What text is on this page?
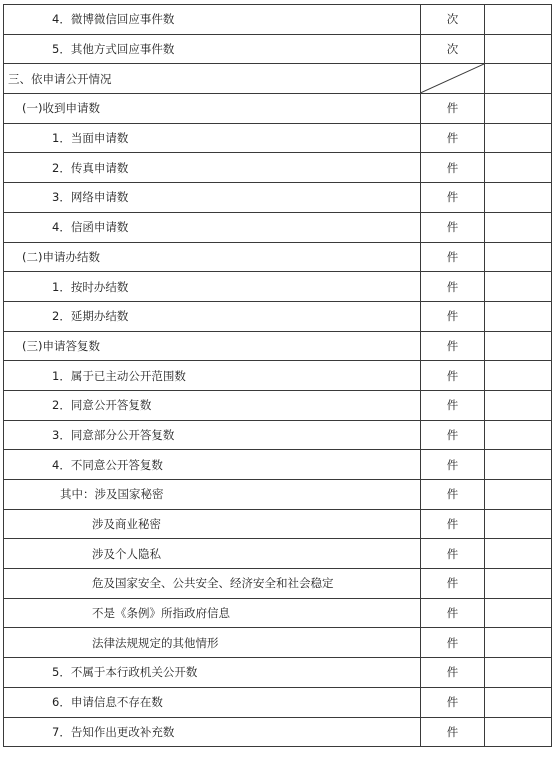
4．微博微信回应事件数	次	
5．其他方式回应事件数	次	
三、依申请公开情况	

(一)收到申请数	件	
1．当面申请数	件	
2．传真申请数	件	
3．网络申请数	件	
4．信函申请数	件	
(二)申请办结数	件	
1．按时办结数	件	
2．延期办结数	件	
(三)申请答复数	件	
1．属于已主动公开范围数	件	
2．同意公开答复数	件	
3．同意部分公开答复数	件	
4．不同意公开答复数	件	
其中：涉及国家秘密	件	
涉及商业秘密	件	
涉及个人隐私	件	
危及国家安全、公共安全、经济安全和社会稳定	件	
不是《条例》所指政府信息	件	
法律法规规定的其他情形	件	
5．不属于本行政机关公开数	件	
6．申请信息不存在数	件	
7．告知作出更改补充数	件	
